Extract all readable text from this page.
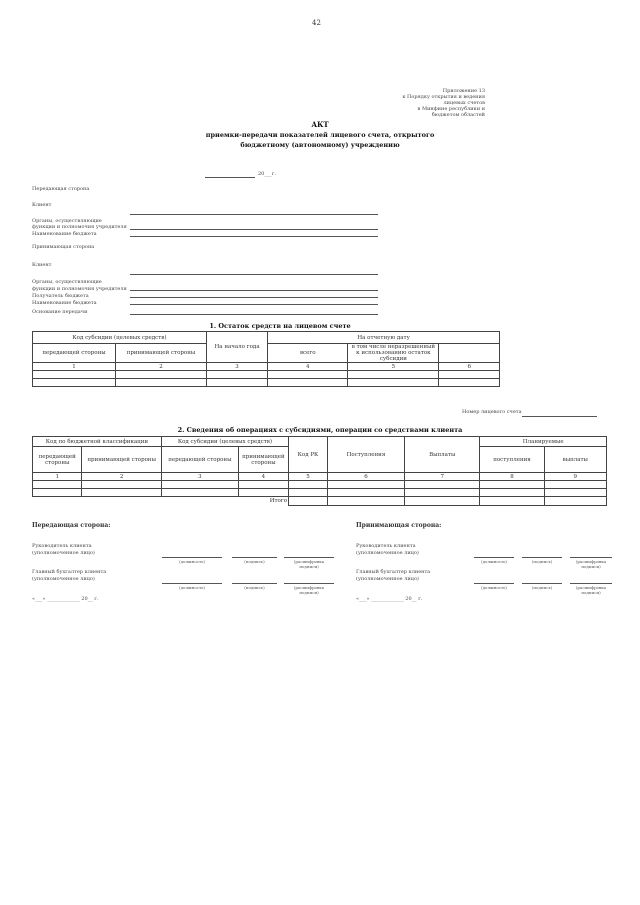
42
Приложение 13
к Порядку открытия и ведения лицевых счетов
в Минфине республики и бюджетом областей
АКТ
приемки-передачи показателей лицевого счета, открытого
бюджетному (автономному) учреждению
20___г.
Передающая сторона
Клиент
Органы, осуществляющие
функции и полномочия учредителя
Наименование бюджета
Принимающая сторона
Клиент
Органы, осуществляющие
функции и полномочия учредителя
Получатель бюджета
Наименование бюджета
Основание передачи
1. Остаток средств на лицевом счете
Код субсидии (целевых средств)		На начало года	На отчетную дату		
передающей стороны	принимающей стороны		всего	в том числе неразрешенный к использованию остаток субсидии	
1	2	3	4	5	6

Номер лицевого счета
2. Сведения об операциях с субсидиями, операции со средствами клиента
Код по бюджетной классификации		Код субсидии (целевых средств)		Код РК	Поступления	Выплаты	Планируемые	
передающей стороны	принимающей стороны	передающей стороны	принимающей стороны				поступления	выплаты
1	2	3	4	5	6	7	8	9

Итого								
Передающая сторона:	Принимающая сторона:
Руководитель клиента
(уполномоченное лицо)
(должность)	(подпись)	(расшифровка подписи)
Главный бухгалтер клиента
(уполномоченное лицо)
(должность)	(подпись)	(расшифровка подписи)
«___» _____________ 20__ г.
Руководитель клиента
(уполномоченное лицо)
(должность)	(подпись)	(расшифровка подписи)
Главный бухгалтер клиента
(уполномоченное лицо)
(должность)	(подпись)	(расшифровка подписи)
«___» _____________ 20__ г.
